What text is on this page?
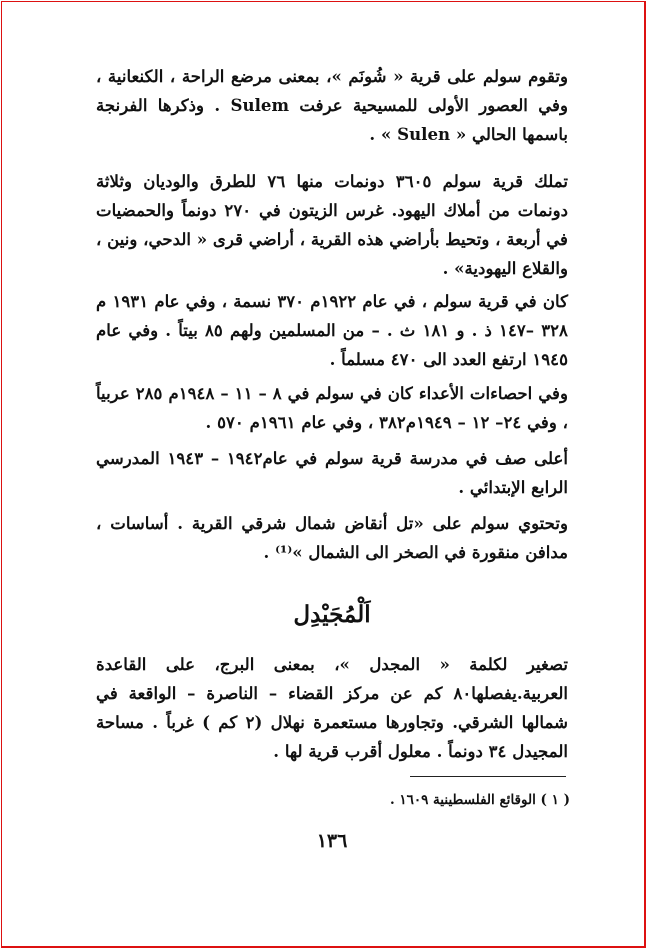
وتقوم سولم على قرية « شُونَم »، بمعنى مرضع الراحة ، الكنعانية ، وفي العصور الأولى للمسيحية عرفت Sulem . وذكرها الفرنجة باسمها الحالي « Sulen » .

تملك قرية سولم ٣٦٠٥ دونمات منها ٧٦ للطرق والوديان وثلاثة دونمات من أملاك اليهود. غرس الزيتون في ٢٧٠ دونماً والحمضيات في أربعة ، وتحيط بأراضي هذه القرية ، أراضي قرى « الدحي، ونين ، والقلاع اليهودية» .

كان في قرية سولم ، في عام ١٩٢٢م ٣٧٠ نسمة ، وفي عام ١٩٣١ م ٣٢٨ –١٤٧ ذ . و ١٨١ ث . – من المسلمين ولهم ٨٥ بيتاً . وفي عام ١٩٤٥ ارتفع العدد الى ٤٧٠ مسلماً .

وفي احصاءات الأعداء كان في سولم في ٨ – ١١ – ١٩٤٨م ٢٨٥ عربياً ، وفي ٢٤– ١٢ – ١٩٤٩م٣٨٢ ، وفي عام ١٩٦١م ٥٧٠ .

أعلى صف في مدرسة قرية سولم في عام١٩٤٢ – ١٩٤٣ المدرسي الرابع الإبتدائي .

وتحتوي سولم على «تل أنقاض شمال شرقي القرية . أساسات ، مدافن منقورة في الصخر الى الشمال »⁽¹⁾ .

اَلْمُجَيْدِل

تصغير لكلمة « المجدل »، بمعنى البرج، على القاعدة العربية.يفصلها٨٠ كم عن مركز القضاء – الناصرة – الواقعة في شمالها الشرقي. وتجاورها مستعمرة نهلال (٢ كم ) غرباً . مساحة المجيدل ٣٤ دونماً . معلول أقرب قرية لها .

( ١ ) الوقائع الفلسطينية ١٦٠٩ .
١٣٦
